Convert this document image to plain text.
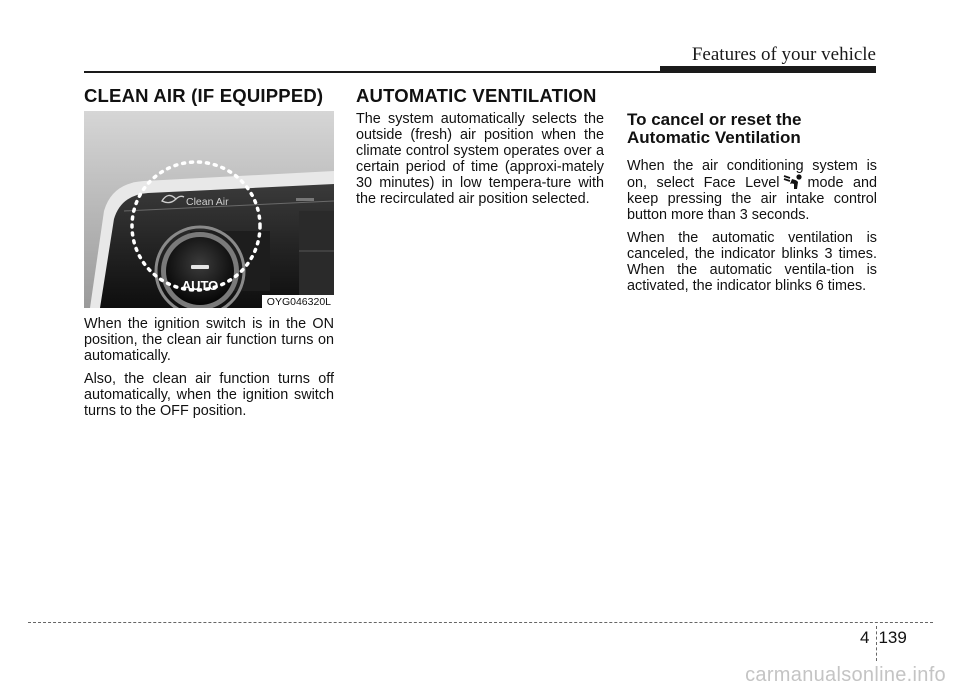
Features of your vehicle
CLEAN AIR (IF EQUIPPED)
AUTO
Clean Air
OYG046320L

When the ignition switch is in the ON position, the clean air function turns on automatically.

Also, the clean air function turns off automatically, when the ignition switch turns to the OFF position.

AUTOMATIC VENTILATION

The system automatically selects the outside (fresh) air position when the climate control system operates over a certain period of time (approxi-mately 30 minutes) in low tempera-ture with the recirculated air position selected.

To cancel or reset the Automatic Ventilation

When the air conditioning system is on, select Face Level mode and keep pressing the air intake control button more than 3 seconds.

When the automatic ventilation is canceled, the indicator blinks 3 times. When the automatic ventila-tion is activated, the indicator blinks 6 times.

4 139
carmanualsonline.info
